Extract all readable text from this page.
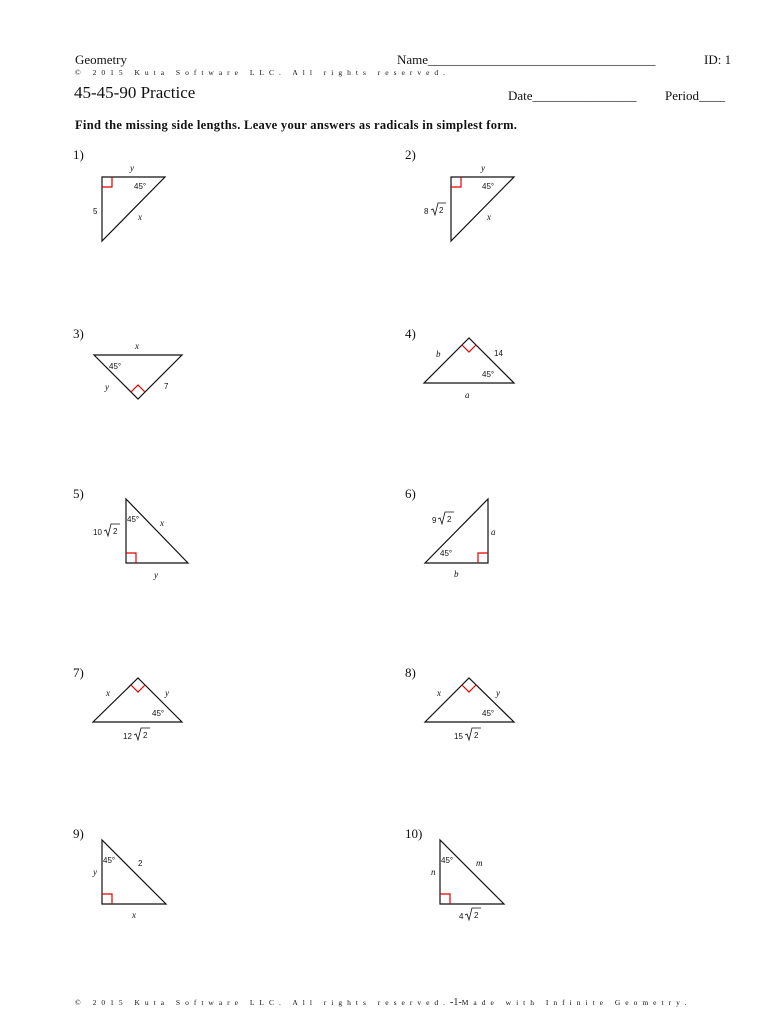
Geometry	Name___________________________________	ID: 1
© 2015 Kuta Software LLC. All rights reserved.
45-45-90 Practice	Date________________ Period____
Find the missing side lengths. Leave your answers as radicals in simplest form.
1)
y
45°
5
x
2)
y
45°
8 2
x
3)
x
45°
y	7
4)
b	14
45°
a
5)
45°
10 2
x
y
6)
9 2
a
45°
b
7)
x	y
45°
12 2
8)
x	y
45°
15 2
9)
45°	2
y
x
10)
45°	m
n
4 2
© 2015 Kuta Software LLC. All rights reserved.-1-Made with Infinite Geometry.
